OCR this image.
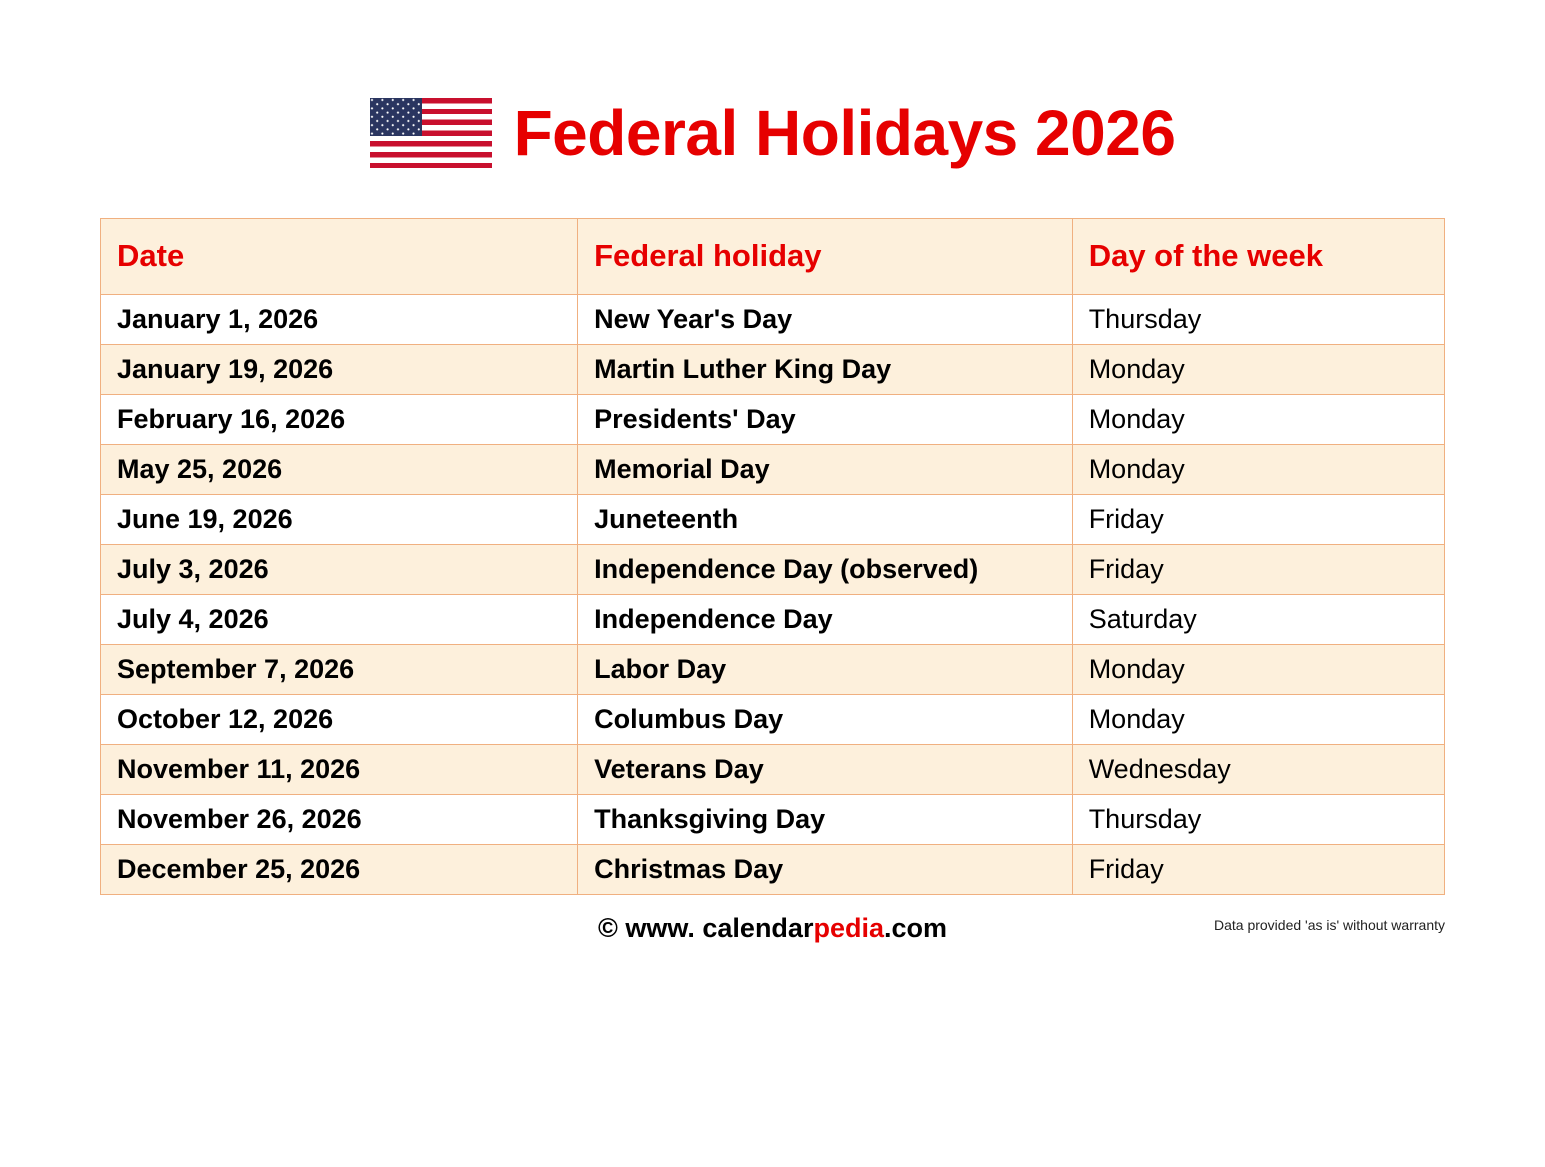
Federal Holidays 2026
Date	Federal holiday	Day of the week
January 1, 2026	New Year's Day	Thursday
January 19, 2026	Martin Luther King Day	Monday
February 16, 2026	Presidents' Day	Monday
May 25, 2026	Memorial Day	Monday
June 19, 2026	Juneteenth	Friday
July 3, 2026	Independence Day (observed)	Friday
July 4, 2026	Independence Day	Saturday
September 7, 2026	Labor Day	Monday
October 12, 2026	Columbus Day	Monday
November 11, 2026	Veterans Day	Wednesday
November 26, 2026	Thanksgiving Day	Thursday
December 25, 2026	Christmas Day	Friday
© www. calendarpedia.com	Data provided 'as is' without warranty
